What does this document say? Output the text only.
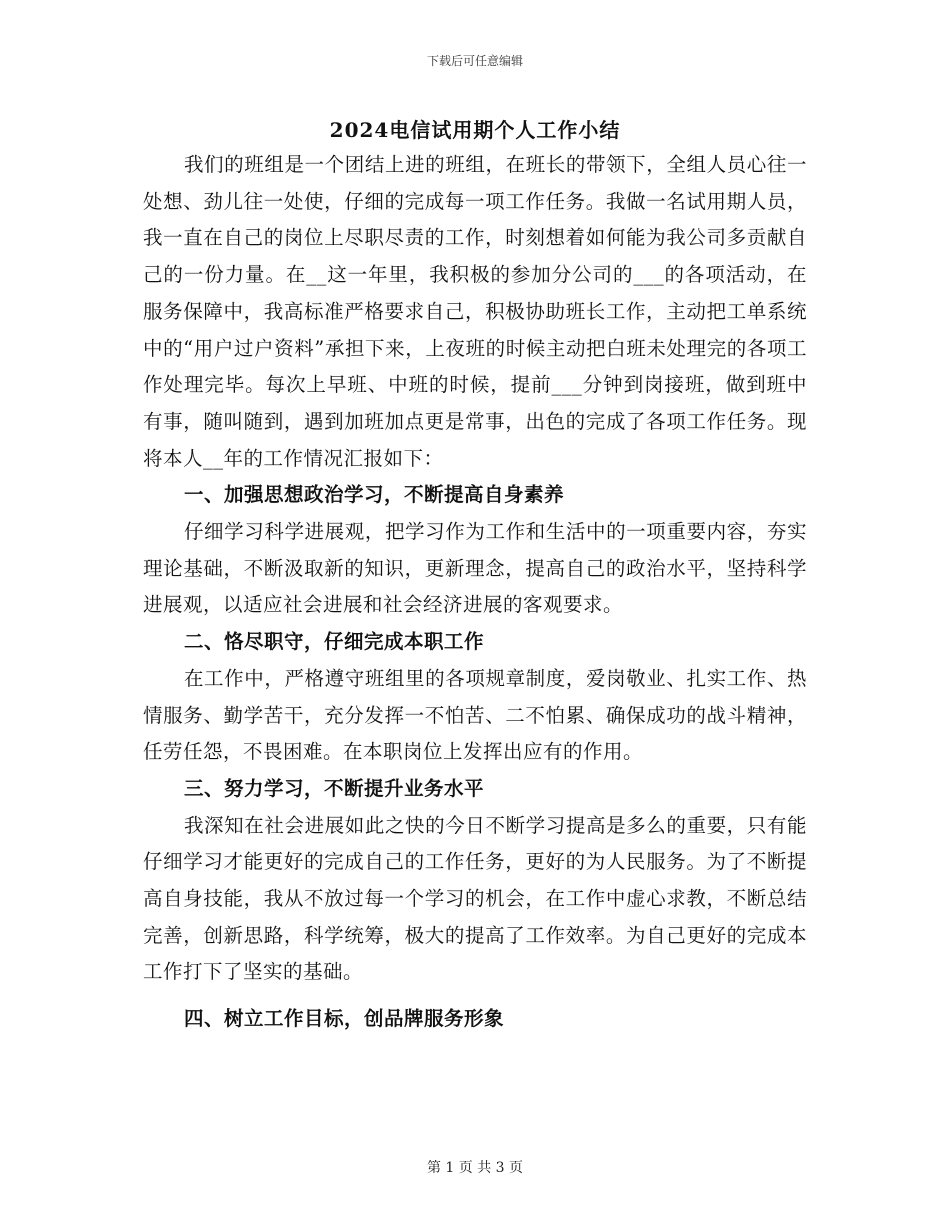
下载后可任意编辑
2024电信试用期个人工作小结

我们的班组是一个团结上进的班组，在班长的带领下，全组人员心往一处想、劲儿往一处使，仔细的完成每一项工作任务。我做一名试用期人员，我一直在自己的岗位上尽职尽责的工作，时刻想着如何能为我公司多贡献自己的一份力量。在__这一年里，我积极的参加分公司的___的各项活动，在服务保障中，我高标准严格要求自己，积极协助班长工作，主动把工单系统中的“用户过户资料”承担下来，上夜班的时候主动把白班未处理完的各项工作处理完毕。每次上早班、中班的时候，提前___分钟到岗接班，做到班中有事，随叫随到，遇到加班加点更是常事，出色的完成了各项工作任务。现将本人__年的工作情况汇报如下：

一、加强思想政治学习，不断提高自身素养

仔细学习科学进展观，把学习作为工作和生活中的一项重要内容，夯实理论基础，不断汲取新的知识，更新理念，提高自己的政治水平，坚持科学进展观，以适应社会进展和社会经济进展的客观要求。

二、恪尽职守，仔细完成本职工作

在工作中，严格遵守班组里的各项规章制度，爱岗敬业、扎实工作、热情服务、勤学苦干，充分发挥一不怕苦、二不怕累、确保成功的战斗精神，任劳任怨，不畏困难。在本职岗位上发挥出应有的作用。

三、努力学习，不断提升业务水平

我深知在社会进展如此之快的今日不断学习提高是多么的重要，只有能仔细学习才能更好的完成自己的工作任务，更好的为人民服务。为了不断提高自身技能，我从不放过每一个学习的机会，在工作中虚心求教，不断总结完善，创新思路，科学统筹，极大的提高了工作效率。为自己更好的完成本工作打下了坚实的基础。

四、树立工作目标，创品牌服务形象

第 1 页 共 3 页
